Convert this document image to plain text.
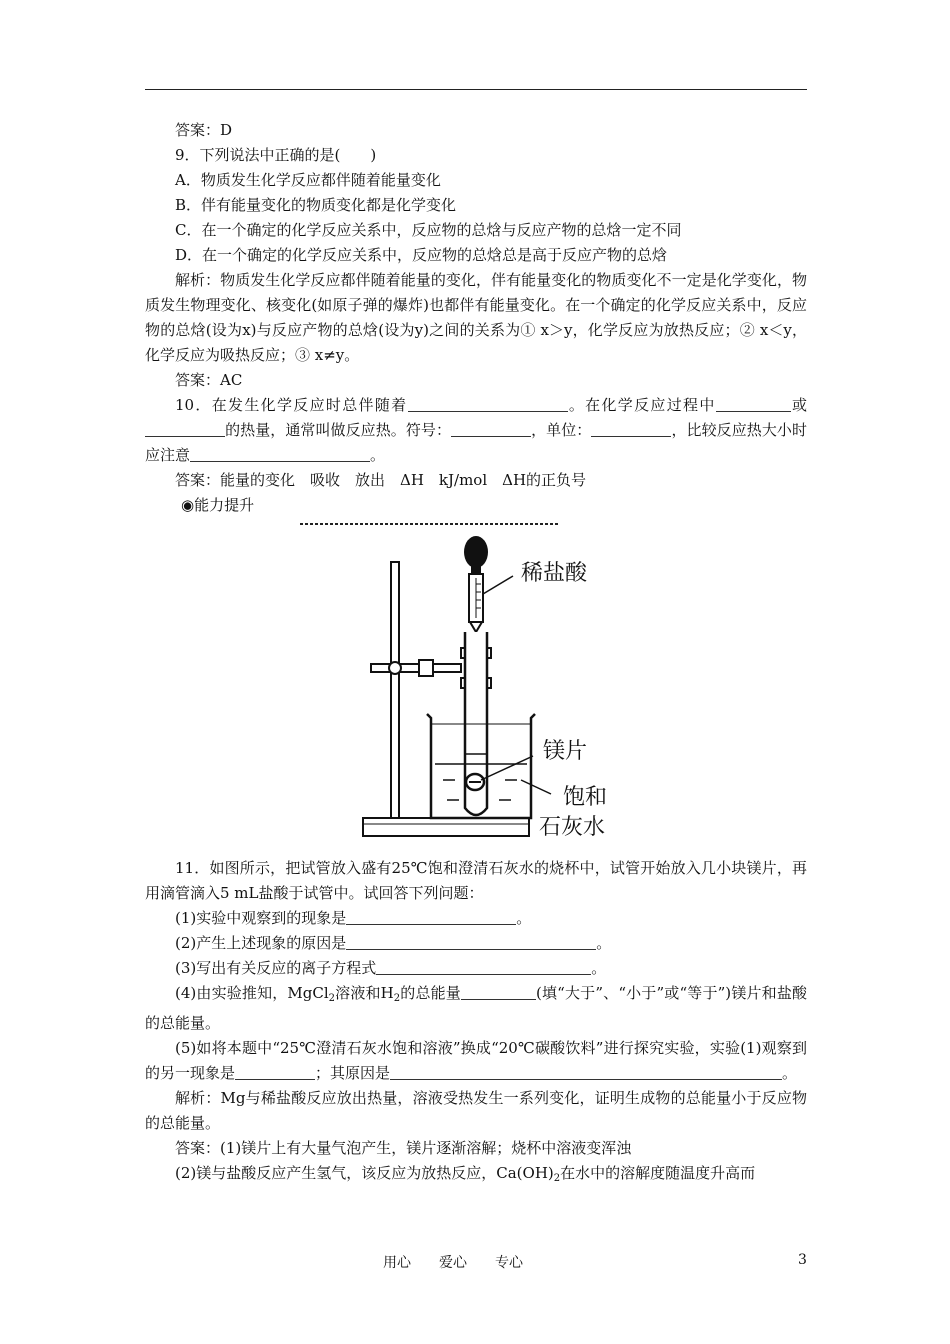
答案：D

9．下列说法中正确的是(　　)

A．物质发生化学反应都伴随着能量变化

B．伴有能量变化的物质变化都是化学变化

C．在一个确定的化学反应关系中，反应物的总焓与反应产物的总焓一定不同

D．在一个确定的化学反应关系中，反应物的总焓总是高于反应产物的总焓

解析：物质发生化学反应都伴随着能量的变化，伴有能量变化的物质变化不一定是化学变化，物质发生物理变化、核变化(如原子弹的爆炸)也都伴有能量变化。在一个确定的化学反应关系中，反应物的总焓(设为x)与反应产物的总焓(设为y)之间的关系为① x＞y，化学反应为放热反应；② x＜y，化学反应为吸热反应；③ x≠y。

答案：AC

10．在发生化学反应时总伴随着	。在化学反应过程中	或的热量，通常叫做反应热。符号：	，单位：	，比较反应热大小时应注意	。

答案：能量的变化　吸收　放出　ΔH　kJ/mol　ΔH的正负号

◉能力提升

稀盐酸
镁片
饱和
石灰水

11．如图所示，把试管放入盛有25℃饱和澄清石灰水的烧杯中，试管开始放入几小块镁片，再用滴管滴入5 mL盐酸于试管中。试回答下列问题：

(1)实验中观察到的现象是	。

(2)产生上述现象的原因是	。

(3)写出有关反应的离子方程式	。

(4)由实验推知，MgCl$_2$溶液和$H_2$的总能量	(填“大于”、“小于”或“等于”)镁片和盐酸的总能量。

(5)如将本题中“25℃澄清石灰水饱和溶液”换成“20℃碳酸饮料”进行探究实验，实验(1)观察到的另一现象是	；其原因是	。

解析：Mg与稀盐酸反应放出热量，溶液受热发生一系列变化，证明生成物的总能量小于反应物的总能量。

答案：(1)镁片上有大量气泡产生，镁片逐渐溶解；烧杯中溶液变浑浊

(2)镁与盐酸反应产生氢气，该反应为放热反应，$Ca(OH)_2$在水中的溶解度随温度升高而

用心　　爱心　　专心	3
